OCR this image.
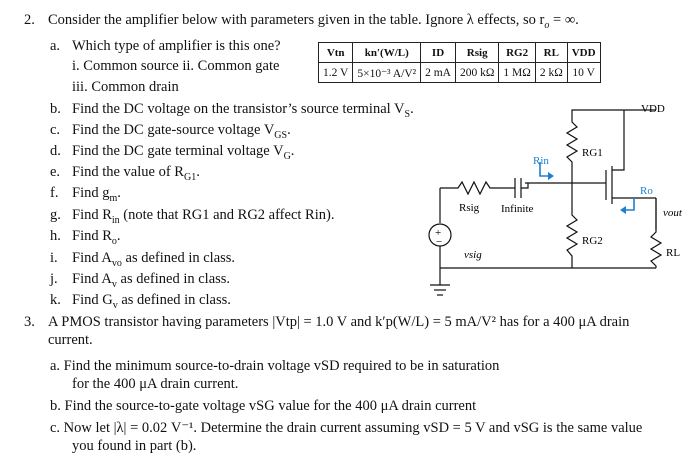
2. Consider the amplifier below with parameters given in the table. Ignore λ effects, so $r_o$ = ∞.
a. Which type of amplifier is this one?
i. Common source ii. Common gate
iii. Common drain
Vtn	kn′(W/L)	ID	Rsig	RG2	RL	VDD
1.2 V	5×10⁻³ A/V²	2 mA	200 kΩ	1 MΩ	2 kΩ	10 V
b. Find the DC voltage on the transistor’s source terminal $V_S$.
c. Find the DC gate-source voltage $V_{GS}$.
d. Find the DC gate terminal voltage $V_G$.
e. Find the value of $R_{G1}$.
f. Find $g_m$.
g. Find $R_{in}$ (note that RG1 and RG2 affect Rin).
h. Find $R_o$.
i. Find $A_{vo}$ as defined in class.
j. Find $A_v$ as defined in class.
k. Find $G_v$ as defined in class.
VDD
RG1
RG2
RL
Rsig Infinite
Rin
Ro
vsig
vout
+
−
3. A PMOS transistor having parameters |Vtp| = 1.0 V and k′p(W/L) = 5 mA/V² has for a 400 μA drain
current.
a. Find the minimum source-to-drain voltage vSD required to be in saturation
for the 400 μA drain current.
b. Find the source-to-gate voltage vSG value for the 400 μA drain current
c. Now let |λ| = 0.02 V⁻¹. Determine the drain current assuming vSD = 5 V and vSG is the same value
you found in part (b).
